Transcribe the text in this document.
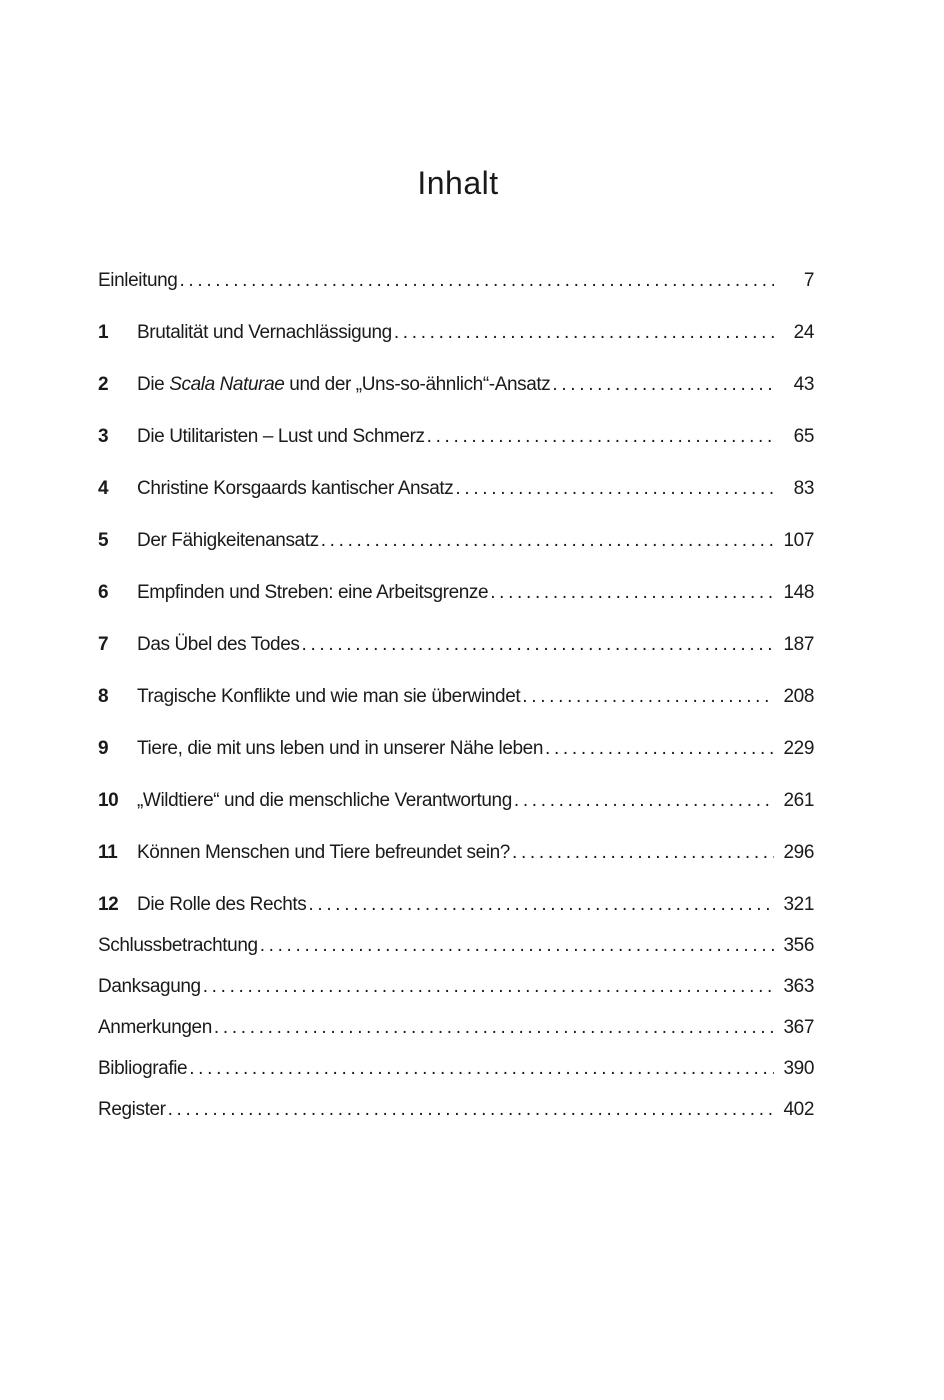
Inhalt
Einleitung . . .	7
1	Brutalität und Vernachlässigung . . .	24
2	Die Scala Naturae und der „Uns-so-ähnlich“-Ansatz . . .	43
3	Die Utilitaristen – Lust und Schmerz . . .	65
4	Christine Korsgaards kantischer Ansatz . . .	83
5	Der Fähigkeitenansatz . . .	107
6	Empfinden und Streben: eine Arbeitsgrenze . . .	148
7	Das Übel des Todes . . .	187
8	Tragische Konflikte und wie man sie überwindet . . .	208
9	Tiere, die mit uns leben und in unserer Nähe leben . . .	229
10 „Wildtiere“ und die menschliche Verantwortung . . .	261
11	Können Menschen und Tiere befreundet sein? . . .	296
12 Die Rolle des Rechts . . .	321
Schlussbetrachtung . . .	356
Danksagung . . .	363
Anmerkungen . . .	367
Bibliografie . . .	390
Register . . .	402
